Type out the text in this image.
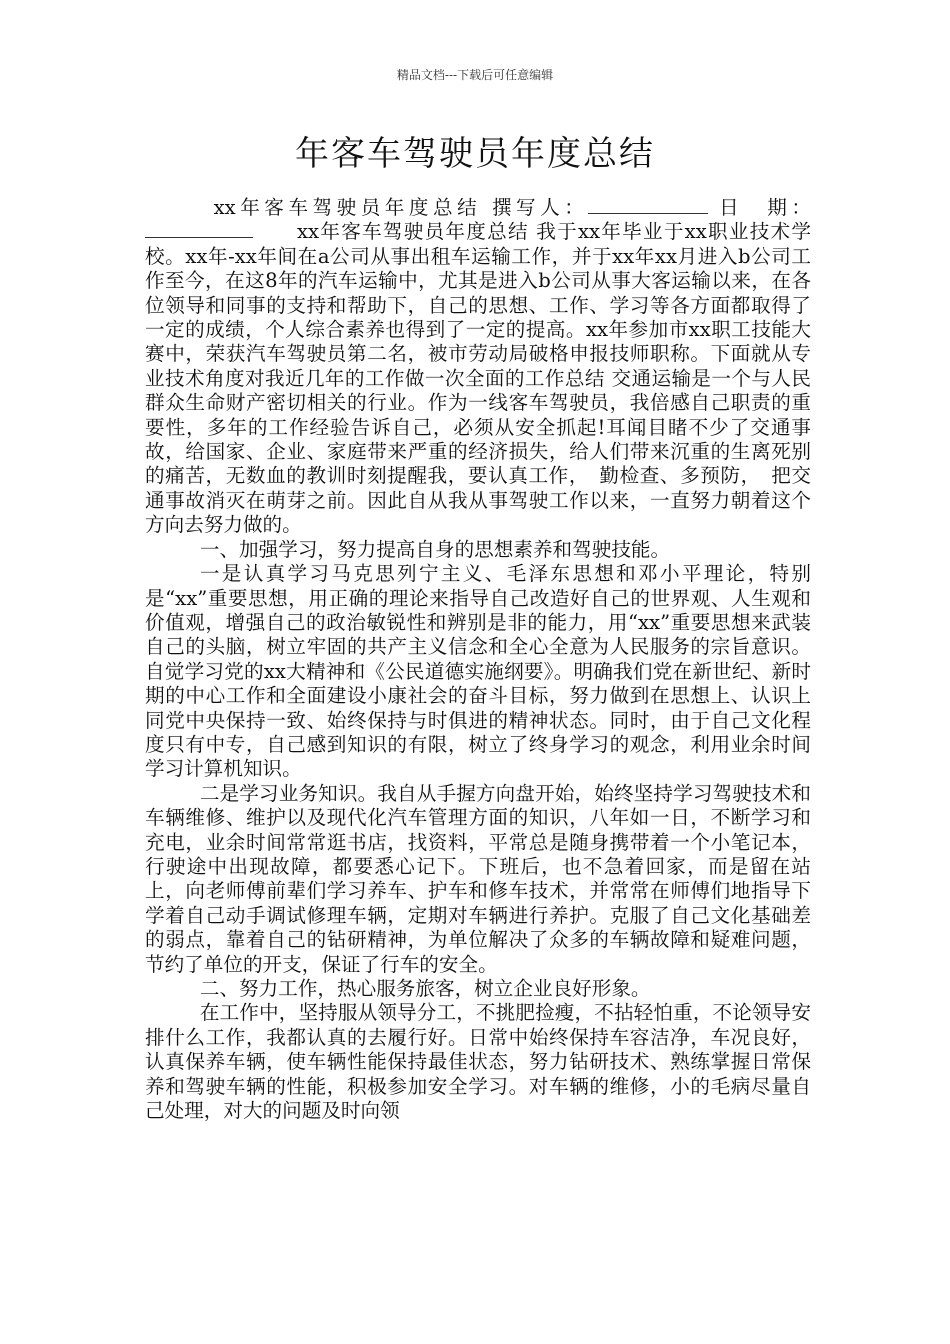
精品文档---下载后可任意编辑
年客车驾驶员年度总结

xx年客车驾驶员年度总结 撰写人：	日　期：xx年客车驾驶员年度总结 我于xx年毕业于xx职业技术学校。xx年-xx年间在a公司从事出租车运输工作，并于xx年xx月进入b公司工作至今，在这8年的汽车运输中，尤其是进入b公司从事大客运输以来，在各位领导和同事的支持和帮助下，自己的思想、工作、学习等各方面都取得了一定的成绩，个人综合素养也得到了一定的提高。xx年参加市xx职工技能大赛中，荣获汽车驾驶员第二名，被市劳动局破格申报技师职称。下面就从专业技术角度对我近几年的工作做一次全面的工作总结 交通运输是一个与人民群众生命财产密切相关的行业。作为一线客车驾驶员，我倍感自己职责的重要性，多年的工作经验告诉自己，必须从安全抓起!耳闻目睹不少了交通事故，给国家、企业、家庭带来严重的经济损失，给人们带来沉重的生离死别的痛苦，无数血的教训时刻提醒我，要认真工作，　勤检查、多预防，　把交通事故消灭在萌芽之前。因此自从我从事驾驶工作以来，一直努力朝着这个方向去努力做的。

一、加强学习，努力提高自身的思想素养和驾驶技能。

一是认真学习马克思列宁主义、毛泽东思想和邓小平理论，特别是“xx”重要思想，用正确的理论来指导自己改造好自己的世界观、人生观和价值观，增强自己的政治敏锐性和辨别是非的能力，用“xx”重要思想来武装自己的头脑，树立牢固的共产主义信念和全心全意为人民服务的宗旨意识。自觉学习党的xx大精神和《公民道德实施纲要》。明确我们党在新世纪、新时期的中心工作和全面建设小康社会的奋斗目标，努力做到在思想上、认识上同党中央保持一致、始终保持与时俱进的精神状态。同时，由于自己文化程度只有中专，自己感到知识的有限，树立了终身学习的观念，利用业余时间学习计算机知识。

二是学习业务知识。我自从手握方向盘开始，始终坚持学习驾驶技术和车辆维修、维护以及现代化汽车管理方面的知识，八年如一日，不断学习和充电，业余时间常常逛书店，找资料，平常总是随身携带着一个小笔记本，行驶途中出现故障，都要悉心记下。下班后，也不急着回家，而是留在站上，向老师傅前辈们学习养车、护车和修车技术，并常常在师傅们地指导下学着自己动手调试修理车辆，定期对车辆进行养护。克服了自己文化基础差的弱点，靠着自己的钻研精神，为单位解决了众多的车辆故障和疑难问题，节约了单位的开支，保证了行车的安全。

二、努力工作，热心服务旅客，树立企业良好形象。

在工作中，坚持服从领导分工，不挑肥捡瘦，不拈轻怕重，不论领导安排什么工作，我都认真的去履行好。日常中始终保持车容洁净，车况良好，认真保养车辆，使车辆性能保持最佳状态，努力钻研技术、熟练掌握日常保养和驾驶车辆的性能，积极参加安全学习。对车辆的维修，小的毛病尽量自己处理，对大的问题及时向领
